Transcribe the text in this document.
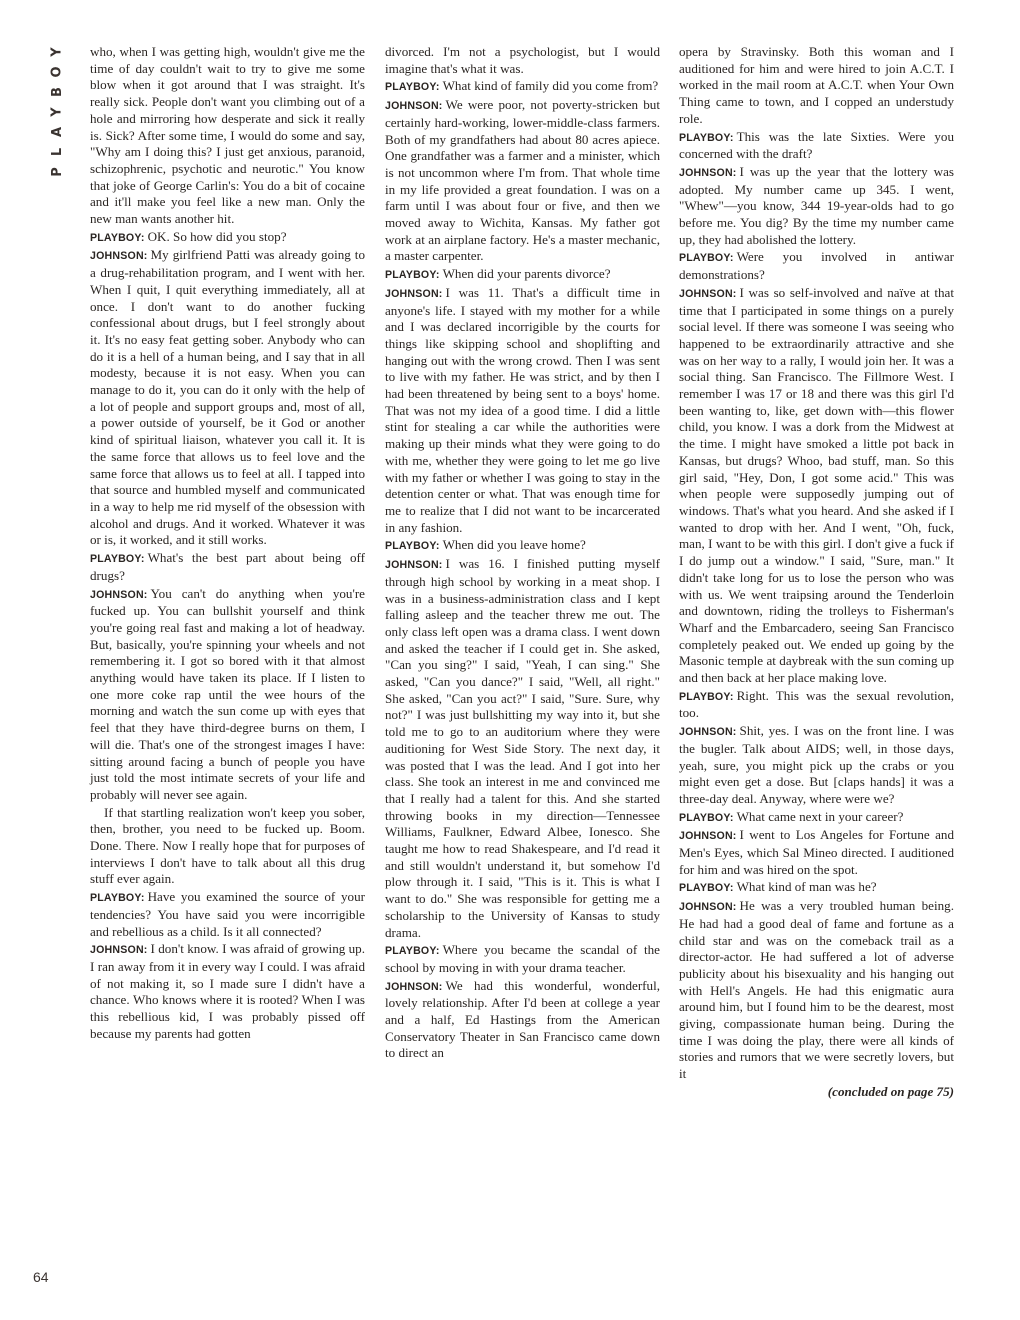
Y
O
B
Y
A
L
P
64

who, when I was getting high, wouldn't give me the time of day couldn't wait to try to give me some blow when it got around that I was straight. It's really sick. People don't want you climbing out of a hole and mirroring how desperate and sick it really is. Sick? After some time, I would do some and say, "Why am I doing this? I just get anxious, paranoid, schizophrenic, psychotic and neurotic." You know that joke of George Carlin's: You do a bit of cocaine and it'll make you feel like a new man. Only the new man wants another hit.

PLAYBOY: OK. So how did you stop?

JOHNSON: My girlfriend Patti was already going to a drug-rehabilitation program, and I went with her. When I quit, I quit everything immediately, all at once. I don't want to do another fucking confessional about drugs, but I feel strongly about it. It's no easy feat getting sober. Anybody who can do it is a hell of a human being, and I say that in all modesty, because it is not easy. When you can manage to do it, you can do it only with the help of a lot of people and support groups and, most of all, a power outside of yourself, be it God or another kind of spiritual liaison, whatever you call it. It is the same force that allows us to feel love and the same force that allows us to feel at all. I tapped into that source and humbled myself and communicated in a way to help me rid myself of the obsession with alcohol and drugs. And it worked. Whatever it was or is, it worked, and it still works.

PLAYBOY: What's the best part about being off drugs?

JOHNSON: You can't do anything when you're fucked up. You can bullshit yourself and think you're going real fast and making a lot of headway. But, basically, you're spinning your wheels and not remembering it. I got so bored with it that almost anything would have taken its place. If I listen to one more coke rap until the wee hours of the morning and watch the sun come up with eyes that feel that they have third-degree burns on them, I will die. That's one of the strongest images I have: sitting around facing a bunch of people you have just told the most intimate secrets of your life and probably will never see again.

If that startling realization won't keep you sober, then, brother, you need to be fucked up. Boom. Done. There. Now I really hope that for purposes of interviews I don't have to talk about all this drug stuff ever again.

PLAYBOY: Have you examined the source of your tendencies? You have said you were incorrigible and rebellious as a child. Is it all connected?

JOHNSON: I don't know. I was afraid of growing up. I ran away from it in every way I could. I was afraid of not making it, so I made sure I didn't have a chance. Who knows where it is rooted? When I was this rebellious kid, I was probably pissed off because my parents had gotten

divorced. I'm not a psychologist, but I would imagine that's what it was.

PLAYBOY: What kind of family did you come from?

JOHNSON: We were poor, not poverty-stricken but certainly hard-working, lower-middle-class farmers. Both of my grandfathers had about 80 acres apiece. One grandfather was a farmer and a minister, which is not uncommon where I'm from. That whole time in my life provided a great foundation. I was on a farm until I was about four or five, and then we moved away to Wichita, Kansas. My father got work at an airplane factory. He's a master mechanic, a master carpenter.

PLAYBOY: When did your parents divorce?

JOHNSON: I was 11. That's a difficult time in anyone's life. I stayed with my mother for a while and I was declared incorrigible by the courts for things like skipping school and shoplifting and hanging out with the wrong crowd. Then I was sent to live with my father. He was strict, and by then I had been threatened by being sent to a boys' home. That was not my idea of a good time. I did a little stint for stealing a car while the authorities were making up their minds what they were going to do with me, whether they were going to let me go live with my father or whether I was going to stay in the detention center or what. That was enough time for me to realize that I did not want to be incarcerated in any fashion.

PLAYBOY: When did you leave home?

JOHNSON: I was 16. I finished putting myself through high school by working in a meat shop. I was in a business-administration class and I kept falling asleep and the teacher threw me out. The only class left open was a drama class. I went down and asked the teacher if I could get in. She asked, "Can you sing?" I said, "Yeah, I can sing." She asked, "Can you dance?" I said, "Well, all right." She asked, "Can you act?" I said, "Sure. Sure, why not?" I was just bullshitting my way into it, but she told me to go to an auditorium where they were auditioning for West Side Story. The next day, it was posted that I was the lead. And I got into her class. She took an interest in me and convinced me that I really had a talent for this. And she started throwing books in my direction—Tennessee Williams, Faulkner, Edward Albee, Ionesco. She taught me how to read Shakespeare, and I'd read it and still wouldn't understand it, but somehow I'd plow through it. I said, "This is it. This is what I want to do." She was responsible for getting me a scholarship to the University of Kansas to study drama.

PLAYBOY: Where you became the scandal of the school by moving in with your drama teacher.

JOHNSON: We had this wonderful, wonderful, lovely relationship. After I'd been at college a year and a half, Ed Hastings from the American Conservatory Theater in San Francisco came down to direct an

opera by Stravinsky. Both this woman and I auditioned for him and were hired to join A.C.T. I worked in the mail room at A.C.T. when Your Own Thing came to town, and I copped an understudy role.

PLAYBOY: This was the late Sixties. Were you concerned with the draft?

JOHNSON: I was up the year that the lottery was adopted. My number came up 345. I went, "Whew"—you know, 344 19-year-olds had to go before me. You dig? By the time my number came up, they had abolished the lottery.

PLAYBOY: Were you involved in antiwar demonstrations?

JOHNSON: I was so self-involved and naïve at that time that I participated in some things on a purely social level. If there was someone I was seeing who happened to be extraordinarily attractive and she was on her way to a rally, I would join her. It was a social thing. San Francisco. The Fillmore West. I remember I was 17 or 18 and there was this girl I'd been wanting to, like, get down with—this flower child, you know. I was a dork from the Midwest at the time. I might have smoked a little pot back in Kansas, but drugs? Whoo, bad stuff, man. So this girl said, "Hey, Don, I got some acid." This was when people were supposedly jumping out of windows. That's what you heard. And she asked if I wanted to drop with her. And I went, "Oh, fuck, man, I want to be with this girl. I don't give a fuck if I do jump out a window." I said, "Sure, man." It didn't take long for us to lose the person who was with us. We went traipsing around the Tenderloin and downtown, riding the trolleys to Fisherman's Wharf and the Embarcadero, seeing San Francisco completely peaked out. We ended up going by the Masonic temple at daybreak with the sun coming up and then back at her place making love.

PLAYBOY: Right. This was the sexual revolution, too.

JOHNSON: Shit, yes. I was on the front line. I was the bugler. Talk about AIDS; well, in those days, yeah, sure, you might pick up the crabs or you might even get a dose. But [claps hands] it was a three-day deal. Anyway, where were we?

PLAYBOY: What came next in your career?

JOHNSON: I went to Los Angeles for Fortune and Men's Eyes, which Sal Mineo directed. I auditioned for him and was hired on the spot.

PLAYBOY: What kind of man was he?

JOHNSON: He was a very troubled human being. He had had a good deal of fame and fortune as a child star and was on the comeback trail as a director-actor. He had suffered a lot of adverse publicity about his bisexuality and his hanging out with Hell's Angels. He had this enigmatic aura around him, but I found him to be the dearest, most giving, compassionate human being. During the time I was doing the play, there were all kinds of stories and rumors that we were secretly lovers, but it

(concluded on page 75)
